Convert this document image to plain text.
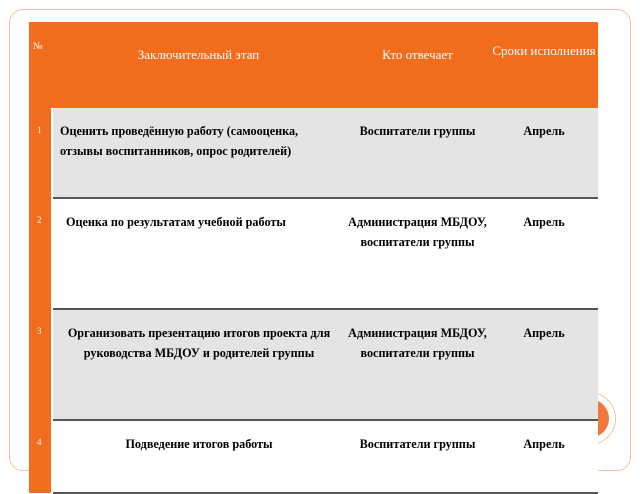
№	Заключительный этап	Кто отвечает	Сроки исполнения
1	Оценить проведённую работу (самооценка, отзывы воспитанников, опрос родителей)	Воспитатели группы	Апрель
2	Оценка по результатам учебной работы	Администрация МБДОУ, воспитатели группы	Апрель
3	Организовать презентацию итогов проекта для руководства МБДОУ и родителей группы	Администрация МБДОУ, воспитатели группы	Апрель
4	Подведение итогов работы	Воспитатели группы	Апрель
